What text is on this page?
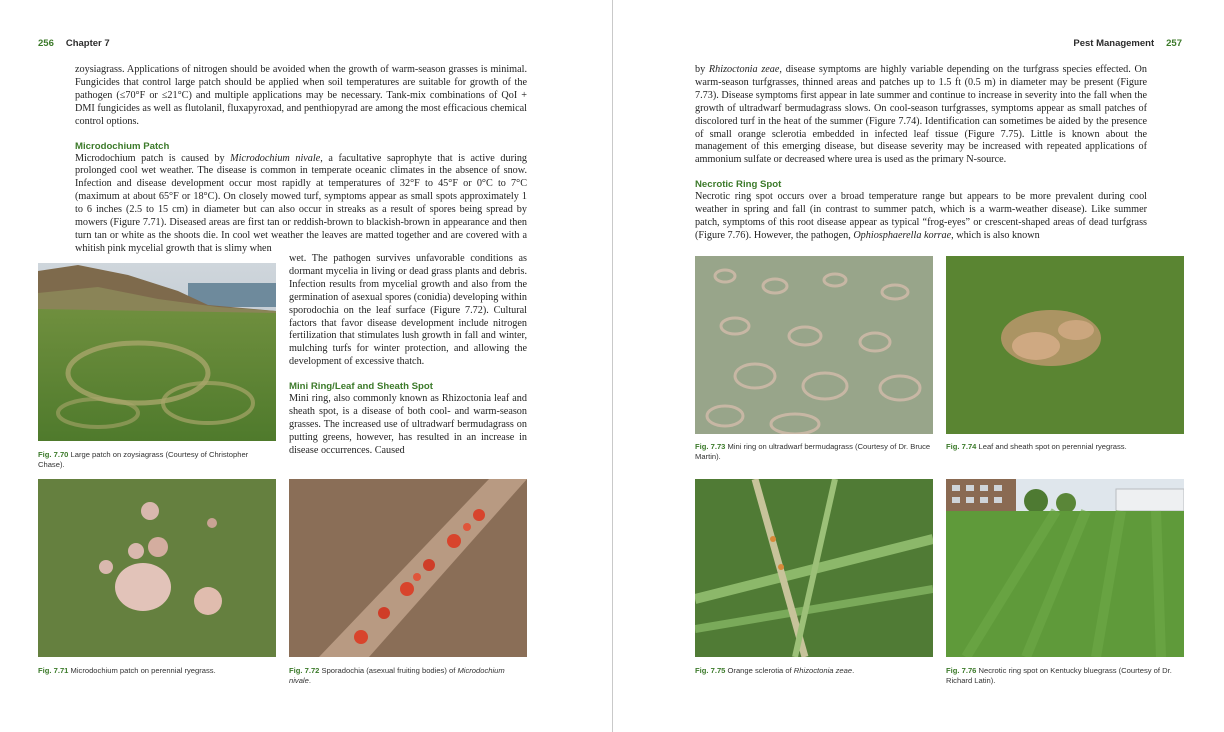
256 Chapter 7

zoysiagrass. Applications of nitrogen should be avoided when the growth of warm-season grasses is minimal. Fungicides that control large patch should be applied when soil temperatures are suitable for growth of the pathogen (≤70°F or ≤21°C) and multiple applications may be necessary. Tank-mix combinations of QoI + DMI fungicides as well as flutolanil, fluxapyroxad, and penthiopyrad are among the most efficacious chemical control options.

Microdochium Patch

Microdochium patch is caused by Microdochium nivale, a facultative saprophyte that is active during prolonged cool wet weather. The disease is common in temperate oceanic climates in the absence of snow. Infection and disease development occur most rapidly at temperatures of 32°F to 45°F or 0°C to 7°C (maximum at about 65°F or 18°C). On closely mowed turf, symptoms appear as small spots approximately 1 to 6 inches (2.5 to 15 cm) in diameter but can also occur in streaks as a result of spores being spread by mowers (Figure 7.71). Diseased areas are first tan or reddish-brown to blackish-brown in appearance and then turn tan or white as the shoots die. In cool wet weather the leaves are matted together and are covered with a whitish pink mycelial growth that is slimy when

wet. The pathogen survives unfavorable conditions as dormant mycelia in living or dead grass plants and debris. Infection results from mycelial growth and also from the germination of asexual spores (conidia) developing within sporodochia on the leaf surface (Figure 7.72). Cultural factors that favor disease development include nitrogen fertilization that stimulates lush growth in fall and winter, mulching turfs for winter protection, and allowing the development of excessive thatch.

Mini Ring/Leaf and Sheath Spot

Mini ring, also commonly known as Rhizoctonia leaf and sheath spot, is a disease of both cool- and warm-season grasses. The increased use of ultradwarf bermudagrass on putting greens, however, has resulted in an increase in disease occurrences. Caused

Fig. 7.70 Large patch on zoysiagrass (Courtesy of Christopher Chase).
Fig. 7.71 Microdochium patch on perennial ryegrass.	Fig. 7.72 Sporadochia (asexual fruiting bodies) of Microdochium nivale.
Pest Management 257

by Rhizoctonia zeae, disease symptoms are highly variable depending on the turfgrass species effected. On warm-season turfgrasses, thinned areas and patches up to 1.5 ft (0.5 m) in diameter may be present (Figure 7.73). Disease symptoms first appear in late summer and continue to increase in severity into the fall when the growth of ultradwarf bermudagrass slows. On cool-season turfgrasses, symptoms appear as small patches of discolored turf in the heat of the summer (Figure 7.74). Identification can sometimes be aided by the presence of small orange sclerotia embedded in infected leaf tissue (Figure 7.75). Little is known about the management of this emerging disease, but disease severity may be increased with repeated applications of ammonium sulfate or decreased where urea is used as the primary N-source.

Necrotic Ring Spot

Necrotic ring spot occurs over a broad temperature range but appears to be more prevalent during cool weather in spring and fall (in contrast to summer patch, which is a warm-weather disease). Like summer patch, symptoms of this root disease appear as typical “frog-eyes” or crescent-shaped areas of dead turfgrass (Figure 7.76). However, the pathogen, Ophiosphaerella korrae, which is also known

Fig. 7.73 Mini ring on ultradwarf bermudagrass (Courtesy of Dr. Bruce Martin).
Fig. 7.74 Leaf and sheath spot on perennial ryegrass.
Fig. 7.75 Orange sclerotia of Rhizoctonia zeae.	Fig. 7.76 Necrotic ring spot on Kentucky bluegrass (Courtesy of Dr. Richard Latin).
